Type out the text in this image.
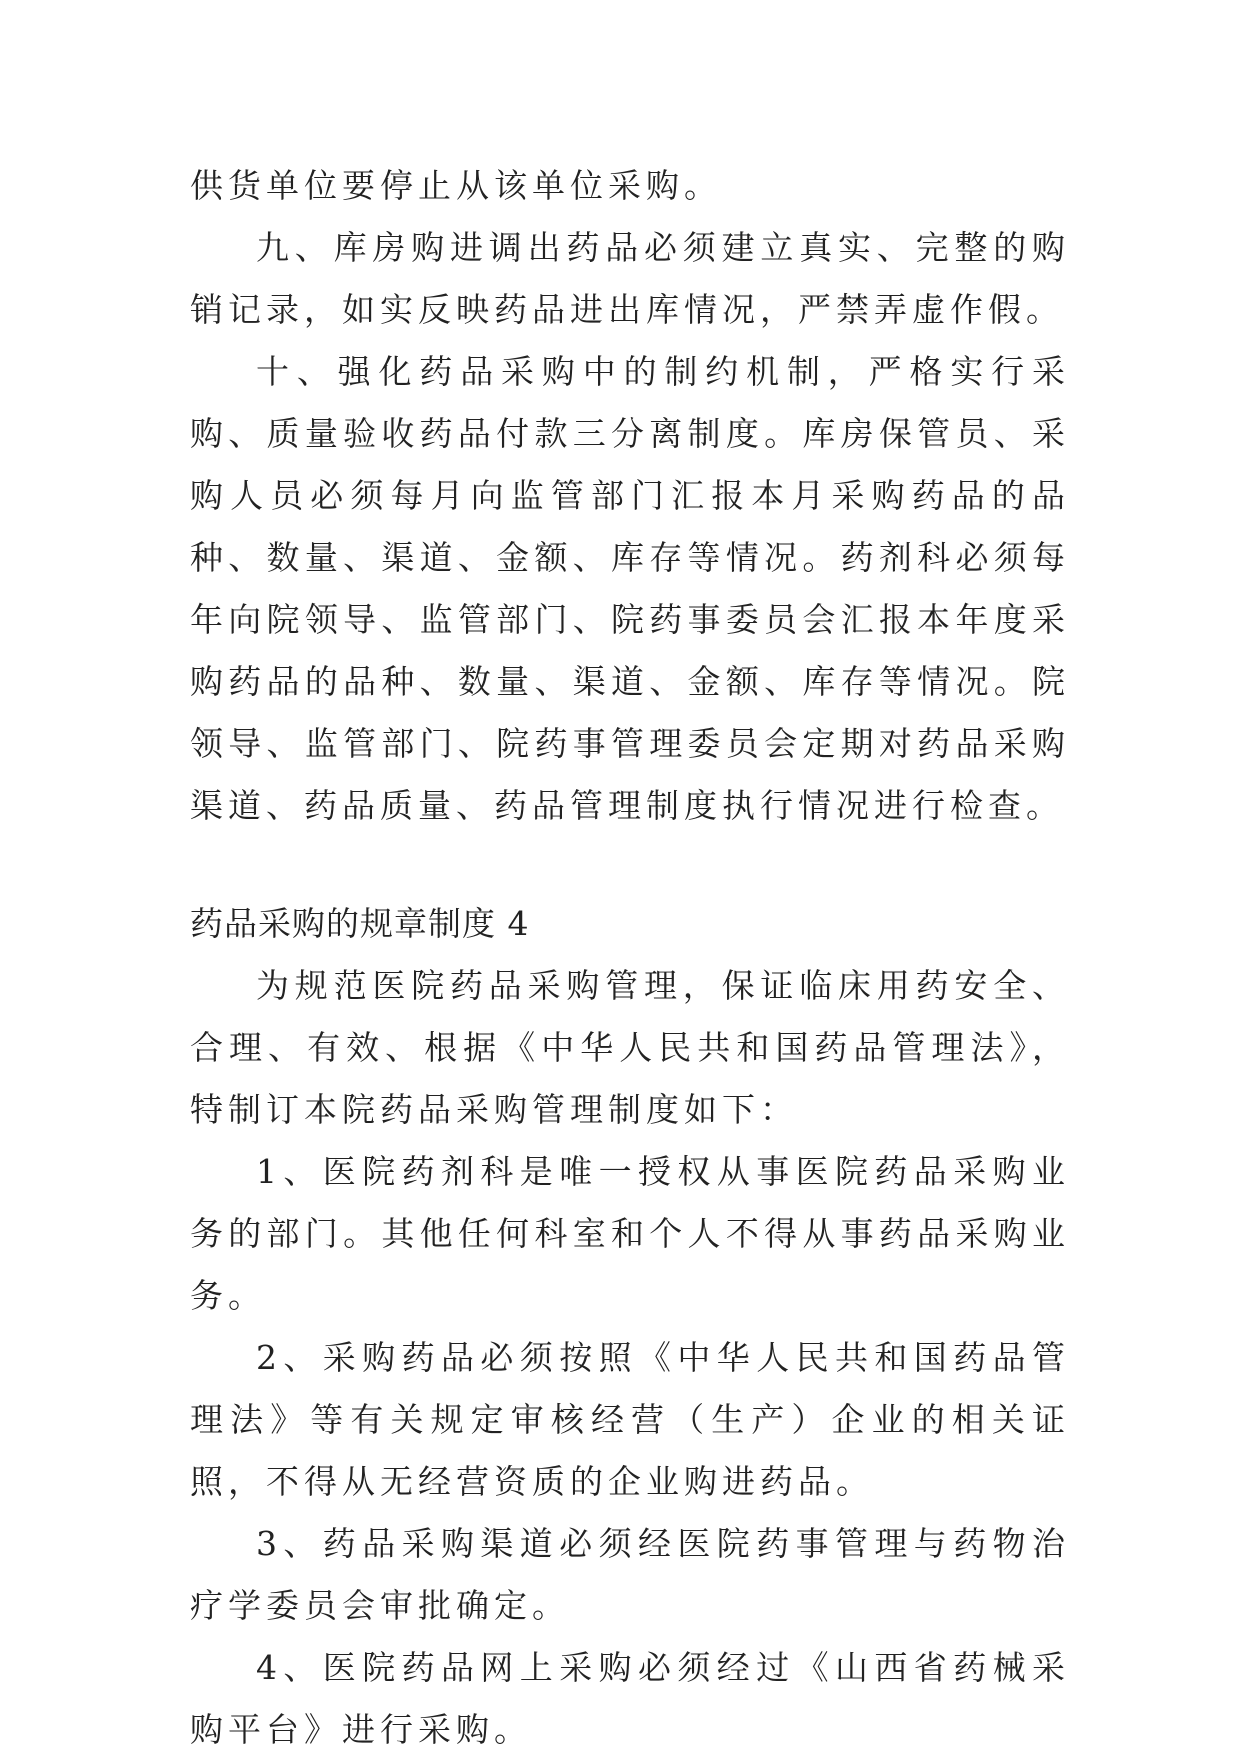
供货单位要停止从该单位采购。

九、库房购进调出药品必须建立真实、完整的购销记录，如实反映药品进出库情况，严禁弄虚作假。

十、强化药品采购中的制约机制，严格实行采购、质量验收药品付款三分离制度。库房保管员、采购人员必须每月向监管部门汇报本月采购药品的品种、数量、渠道、金额、库存等情况。药剂科必须每年向院领导、监管部门、院药事委员会汇报本年度采购药品的品种、数量、渠道、金额、库存等情况。院领导、监管部门、院药事管理委员会定期对药品采购渠道、药品质量、药品管理制度执行情况进行检查。

药品采购的规章制度 4

为规范医院药品采购管理，保证临床用药安全、合理、有效、根据《中华人民共和国药品管理法》，特制订本院药品采购管理制度如下：

1、医院药剂科是唯一授权从事医院药品采购业务的部门。其他任何科室和个人不得从事药品采购业务。

2、采购药品必须按照《中华人民共和国药品管理法》等有关规定审核经营（生产）企业的相关证照，不得从无经营资质的企业购进药品。

3、药品采购渠道必须经医院药事管理与药物治疗学委员会审批确定。

4、医院药品网上采购必须经过《山西省药械采购平台》进行采购。
